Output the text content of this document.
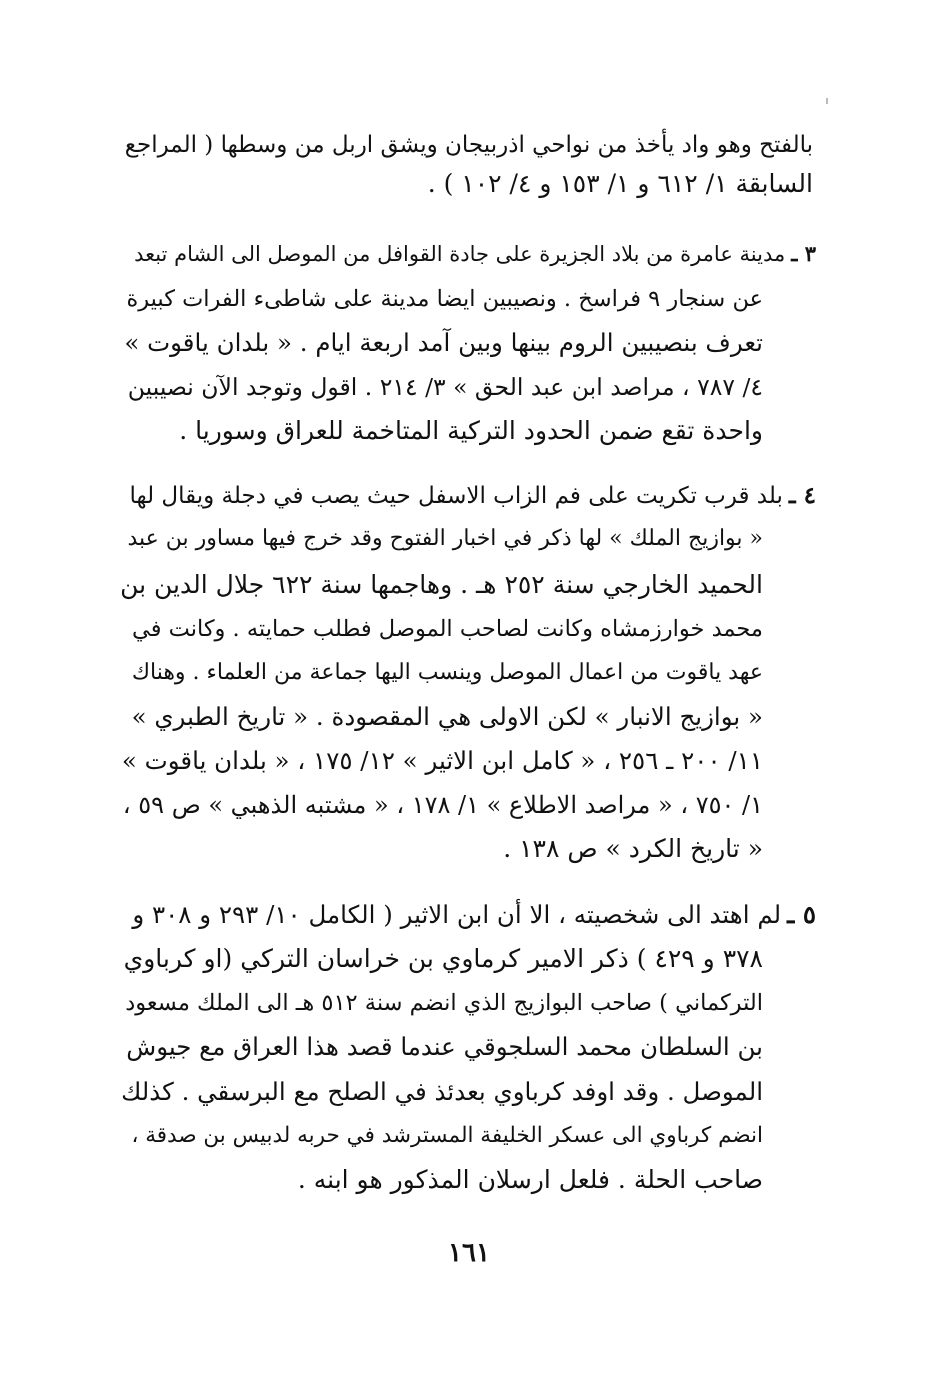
بالفتح وهو واد يأخذ من نواحي اذربيجان ويشق اربل من وسطها ( المراجع
السابقة ١/ ٦١٢ و ١/ ١٥٣ و ٤/ ١٠٢ ) .
٣ ـمدينة عامرة من بلاد الجزيرة على جادة القوافل من الموصل الى الشام تبعد
عن سنجار ٩ فراسخ . ونصيبين ايضا مدينة على شاطىء الفرات كبيرة
تعرف بنصيبين الروم بينها وبين آمد اربعة ايام . « بلدان ياقوت »
٤/ ٧٨٧ ، مراصد ابن عبد الحق » ٣/ ٢١٤ . اقول وتوجد الآن نصيبين
واحدة تقع ضمن الحدود التركية المتاخمة للعراق وسوريا .
٤ ـبلد قرب تكريت على فم الزاب الاسفل حيث يصب في دجلة ويقال لها
« بوازيج الملك » لها ذكر في اخبار الفتوح وقد خرج فيها مساور بن عبد
الحميد الخارجي سنة ٢٥٢ هـ . وهاجمها سنة ٦٢٢ جلال الدين بن
محمد خوارزمشاه وكانت لصاحب الموصل فطلب حمايته . وكانت في
عهد ياقوت من اعمال الموصل وينسب اليها جماعة من العلماء . وهناك
« بوازيج الانبار » لكن الاولى هي المقصودة . « تاريخ الطبري »
١١/ ٢٠٠ ـ ٢٥٦ ، « كامل ابن الاثير » ١٢/ ١٧٥ ، « بلدان ياقوت »
١/ ٧٥٠ ، « مراصد الاطلاع » ١/ ١٧٨ ، « مشتبه الذهبي » ص ٥٩ ،
« تاريخ الكرد » ص ١٣٨ .
٥ ـلم اهتد الى شخصيته ، الا أن ابن الاثير ( الكامل ١٠/ ٢٩٣ و ٣٠٨ و
٣٧٨ و ٤٢٩ ) ذكر الامير كرماوي بن خراسان التركي (او كرباوي
التركماني ) صاحب البوازيج الذي انضم سنة ٥١٢ هـ الى الملك مسعود
بن السلطان محمد السلجوقي عندما قصد هذا العراق مع جيوش
الموصل . وقد اوفد كرباوي بعدئذ في الصلح مع البرسقي . كذلك
انضم كرباوي الى عسكر الخليفة المسترشد في حربه لدبيس بن صدقة ،
صاحب الحلة . فلعل ارسلان المذكور هو ابنه .
١٦١
